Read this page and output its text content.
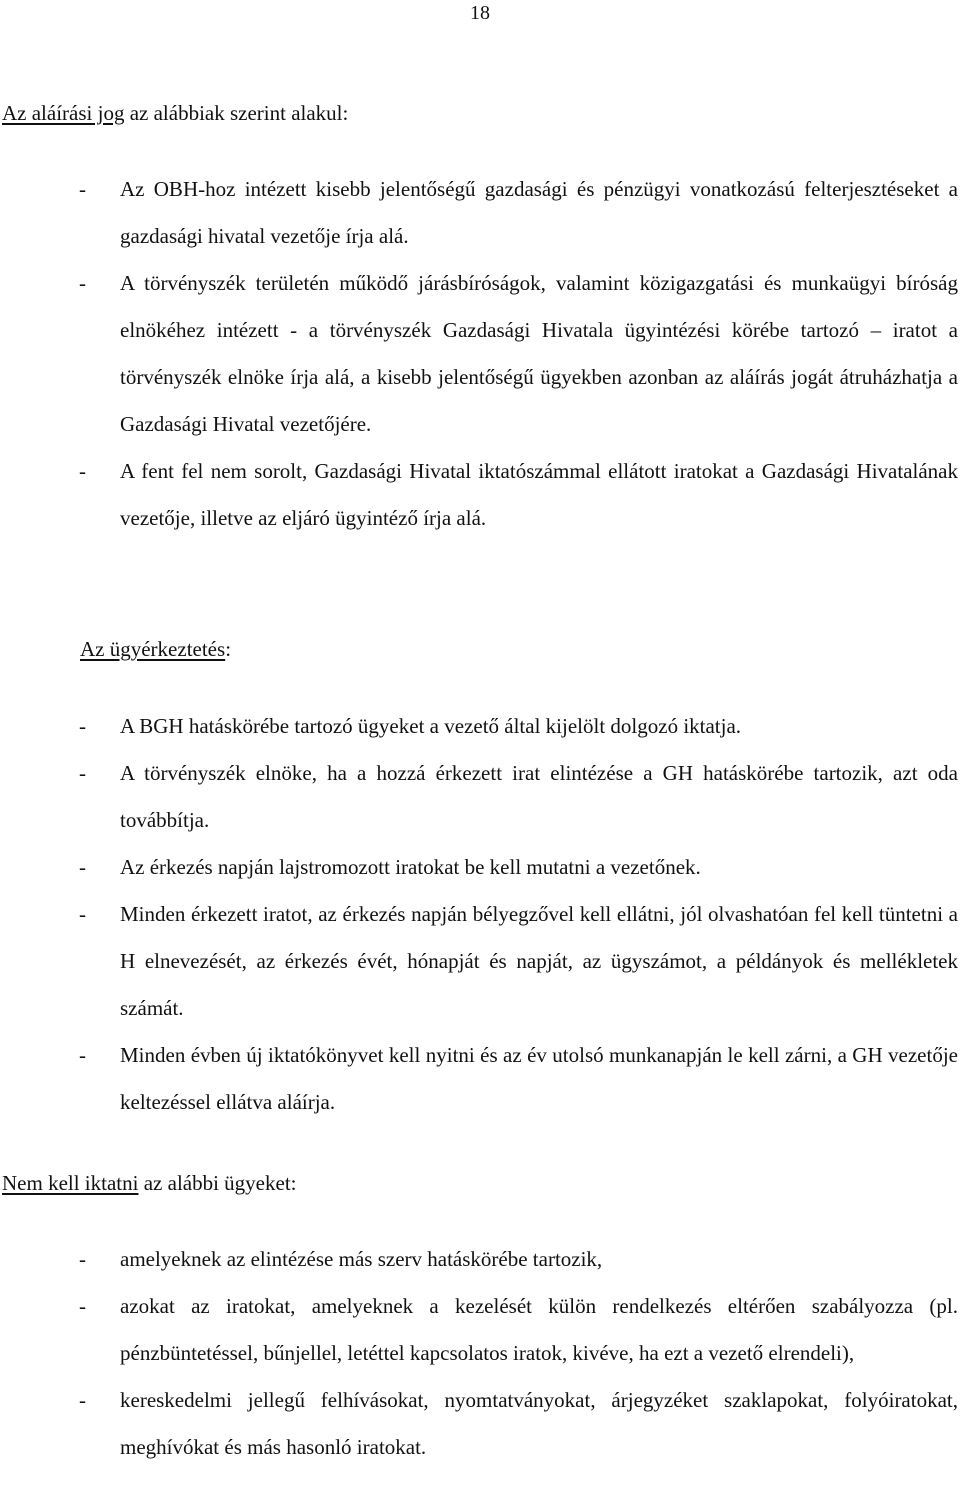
18
Az aláírási jog az alábbiak szerint alakul:
- Az OBH-hoz intézett kisebb jelentőségű gazdasági és pénzügyi vonatkozású felterjesztéseket a gazdasági hivatal vezetője írja alá.
- A törvényszék területén működő járásbíróságok, valamint közigazgatási és munkaügyi bíróság elnökéhez intézett - a törvényszék Gazdasági Hivatala ügyintézési körébe tartozó – iratot a törvényszék elnöke írja alá, a kisebb jelentőségű ügyekben azonban az aláírás jogát átruházhatja a Gazdasági Hivatal vezetőjére.
- A fent fel nem sorolt, Gazdasági Hivatal iktatószámmal ellátott iratokat a Gazdasági Hivatalának vezetője, illetve az eljáró ügyintéző írja alá.
Az ügyérkeztetés:
- A BGH hatáskörébe tartozó ügyeket a vezető által kijelölt dolgozó iktatja.
- A törvényszék elnöke, ha a hozzá érkezett irat elintézése a GH hatáskörébe tartozik, azt oda továbbítja.
- Az érkezés napján lajstromozott iratokat be kell mutatni a vezetőnek.
- Minden érkezett iratot, az érkezés napján bélyegzővel kell ellátni, jól olvashatóan fel kell tüntetni a H elnevezését, az érkezés évét, hónapját és napját, az ügyszámot, a példányok és mellékletek számát.
- Minden évben új iktatókönyvet kell nyitni és az év utolsó munkanapján le kell zárni, a GH vezetője keltezéssel ellátva aláírja.
Nem kell iktatni az alábbi ügyeket:
- amelyeknek az elintézése más szerv hatáskörébe tartozik,
- azokat az iratokat, amelyeknek a kezelését külön rendelkezés eltérően szabályozza (pl. pénzbüntetéssel, bűnjellel, letéttel kapcsolatos iratok, kivéve, ha ezt a vezető elrendeli),
- kereskedelmi jellegű felhívásokat, nyomtatványokat, árjegyzéket szaklapokat, folyóiratokat, meghívókat és más hasonló iratokat.
